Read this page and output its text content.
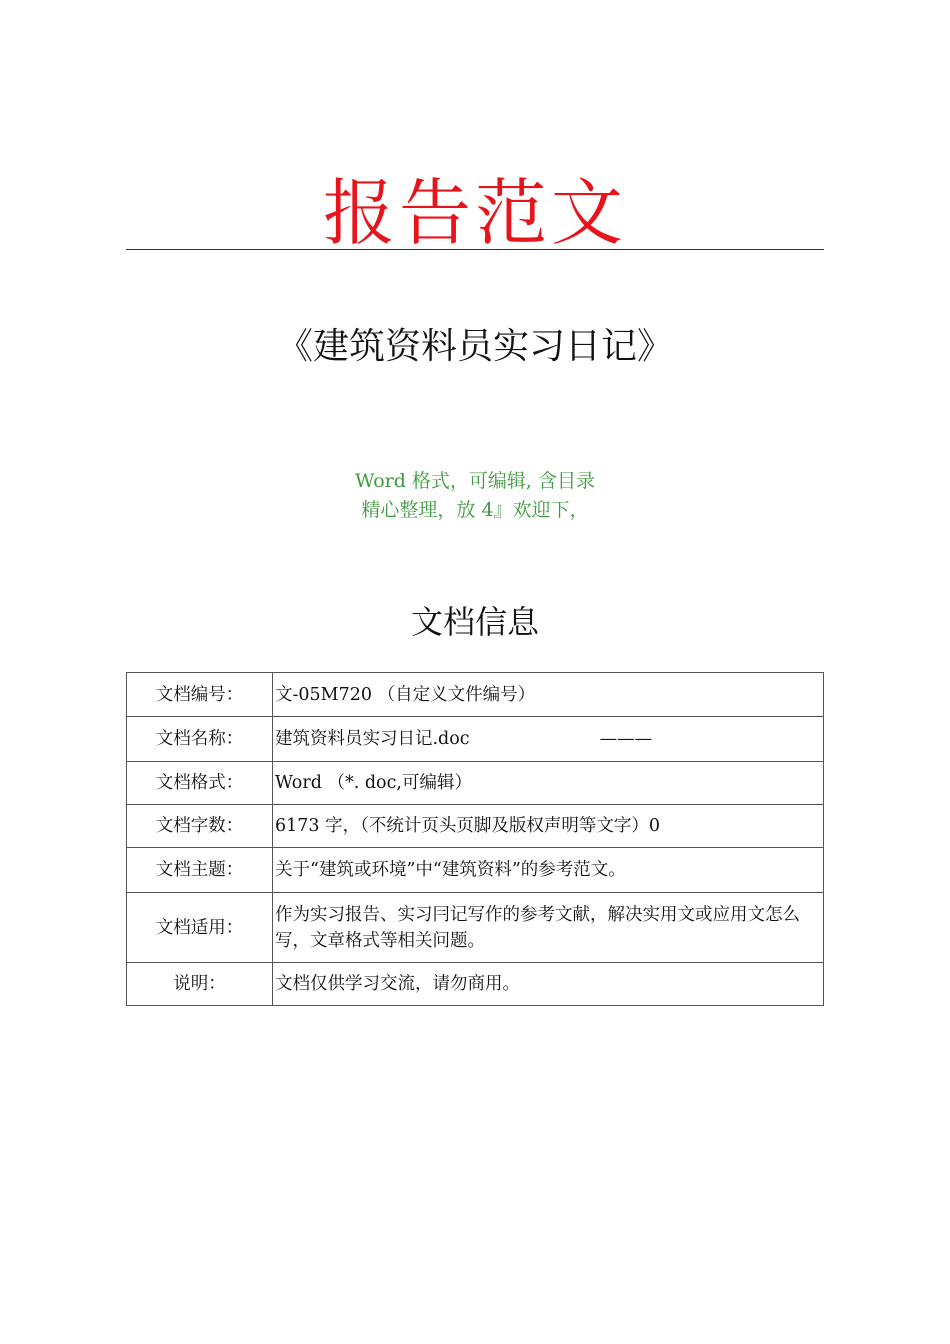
报告范文
《建筑资料员实习日记》
Word 格式，可编辑, 含目录
精心整理，放 4』欢迎下，
文档信息
文档编号：	文-05M720 （自定义文件编号）
文档名称：	建筑资料员实习日记.doc ———
文档格式：	Word （*. doc,可编辑）
文档字数：	6173 字，（不统计页头页脚及版权声明等文字）0
文档主题：	关于“建筑或环境”中“建筑资料”的参考范文。
文档适用：	作为实习报告、实习冃记写作的参考文献，解决实用文或应用文怎么写，文章格式等相关问题。
说明：	文档仅供学习交流，请勿商用。
